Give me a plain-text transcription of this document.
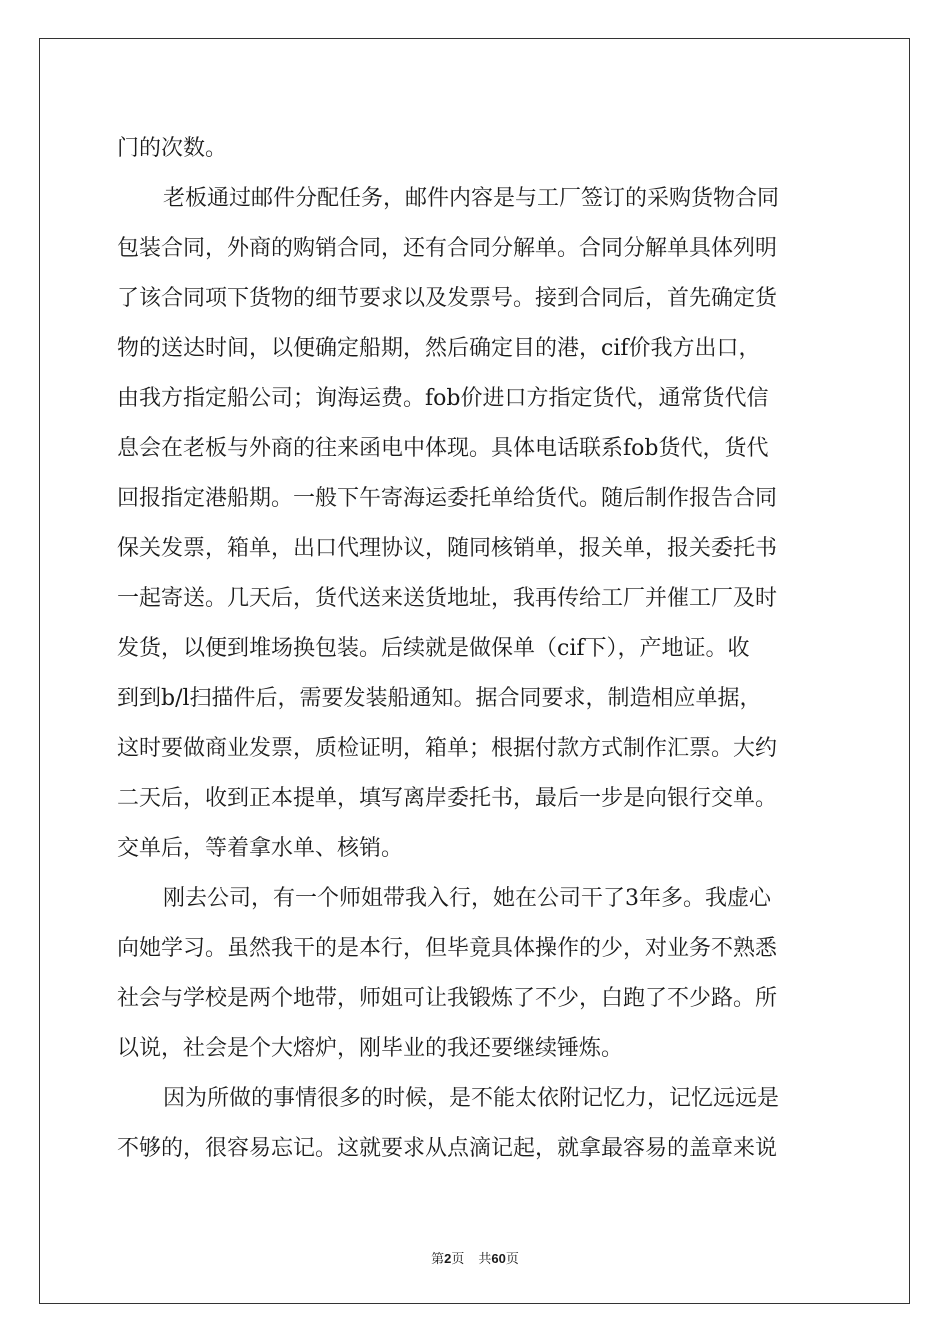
门的次数。
老板通过邮件分配任务，邮件内容是与工厂签订的采购货物合同
包装合同，外商的购销合同，还有合同分解单。合同分解单具体列明
了该合同项下货物的细节要求以及发票号。接到合同后，首先确定货
物的送达时间，以便确定船期，然后确定目的港，cif价我方出口，
由我方指定船公司；询海运费。fob价进口方指定货代，通常货代信
息会在老板与外商的往来函电中体现。具体电话联系fob货代，货代
回报指定港船期。一般下午寄海运委托单给货代。随后制作报告合同
保关发票，箱单，出口代理协议，随同核销单，报关单，报关委托书
一起寄送。几天后，货代送来送货地址，我再传给工厂并催工厂及时
发货，以便到堆场换包装。后续就是做保单（cif下），产地证。收
到到b/l扫描件后，需要发装船通知。据合同要求，制造相应单据，
这时要做商业发票，质检证明，箱单；根据付款方式制作汇票。大约
二天后，收到正本提单，填写离岸委托书，最后一步是向银行交单。
交单后，等着拿水单、核销。
刚去公司，有一个师姐带我入行，她在公司干了3年多。我虚心
向她学习。虽然我干的是本行，但毕竟具体操作的少，对业务不熟悉
社会与学校是两个地带，师姐可让我锻炼了不少，白跑了不少路。所
以说，社会是个大熔炉，刚毕业的我还要继续锤炼。
因为所做的事情很多的时候，是不能太依附记忆力，记忆远远是
不够的，很容易忘记。这就要求从点滴记起，就拿最容易的盖章来说
第2页 共60页
